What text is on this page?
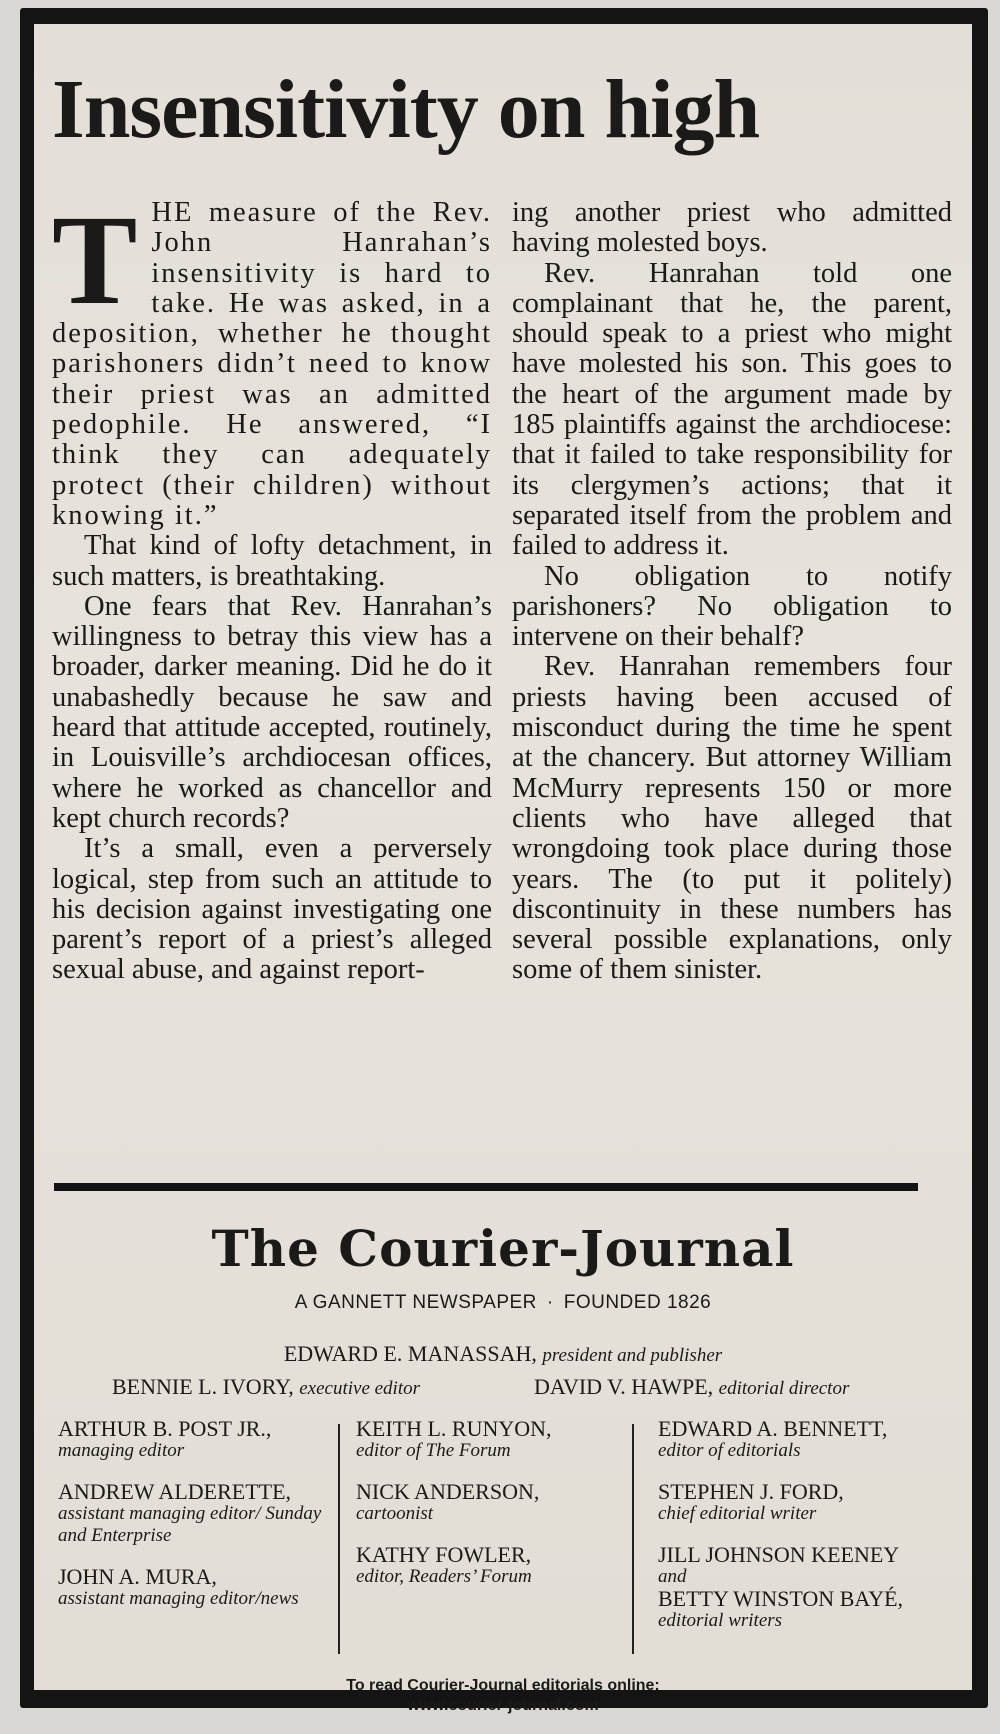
Insensitivity on high

THE measure of the Rev. John Hanrahan’s insensitivity is hard to take. He was asked, in a deposition, whether he thought parishoners didn’t need to know their priest was an admitted pedophile. He answered, “I think they can adequately protect (their children) without knowing it.”

That kind of lofty detachment, in such matters, is breathtaking.

One fears that Rev. Hanrahan’s willingness to betray this view has a broader, darker meaning. Did he do it unabashedly because he saw and heard that attitude accepted, routinely, in Louisville’s archdiocesan offices, where he worked as chancellor and kept church records?

It’s a small, even a perversely logical, step from such an attitude to his decision against investigating one parent’s report of a priest’s alleged sexual abuse, and against report-

ing another priest who admitted having molested boys.

Rev. Hanrahan told one complainant that he, the parent, should speak to a priest who might have molested his son. This goes to the heart of the argument made by 185 plaintiffs against the archdiocese: that it failed to take responsibility for its clergymen’s actions; that it separated itself from the problem and failed to address it.

No obligation to notify parishoners? No obligation to intervene on their behalf?

Rev. Hanrahan remembers four priests having been accused of misconduct during the time he spent at the chancery. But attorney William McMurry represents 150 or more clients who have alleged that wrongdoing took place during those years. The (to put it politely) discontinuity in these numbers has several possible explanations, only some of them sinister.

The Courier-Journal
A GANNETT NEWSPAPER · FOUNDED 1826
EDWARD E. MANASSAH, president and publisher
BENNIE L. IVORY, executive editor	DAVID V. HAWPE, editorial director
ARTHUR B. POST JR.,
managing editor
ANDREW ALDERETTE,
assistant managing editor/ Sunday and Enterprise
JOHN A. MURA,
assistant managing editor/news
KEITH L. RUNYON,
editor of The Forum
NICK ANDERSON,
cartoonist
KATHY FOWLER,
editor, Readers’ Forum
EDWARD A. BENNETT,
editor of editorials
STEPHEN J. FORD,
chief editorial writer
JILL JOHNSON KEENEY
and
BETTY WINSTON BAYÉ,
editorial writers
To read Courier-Journal editorials online:
www.courier-journal.com
